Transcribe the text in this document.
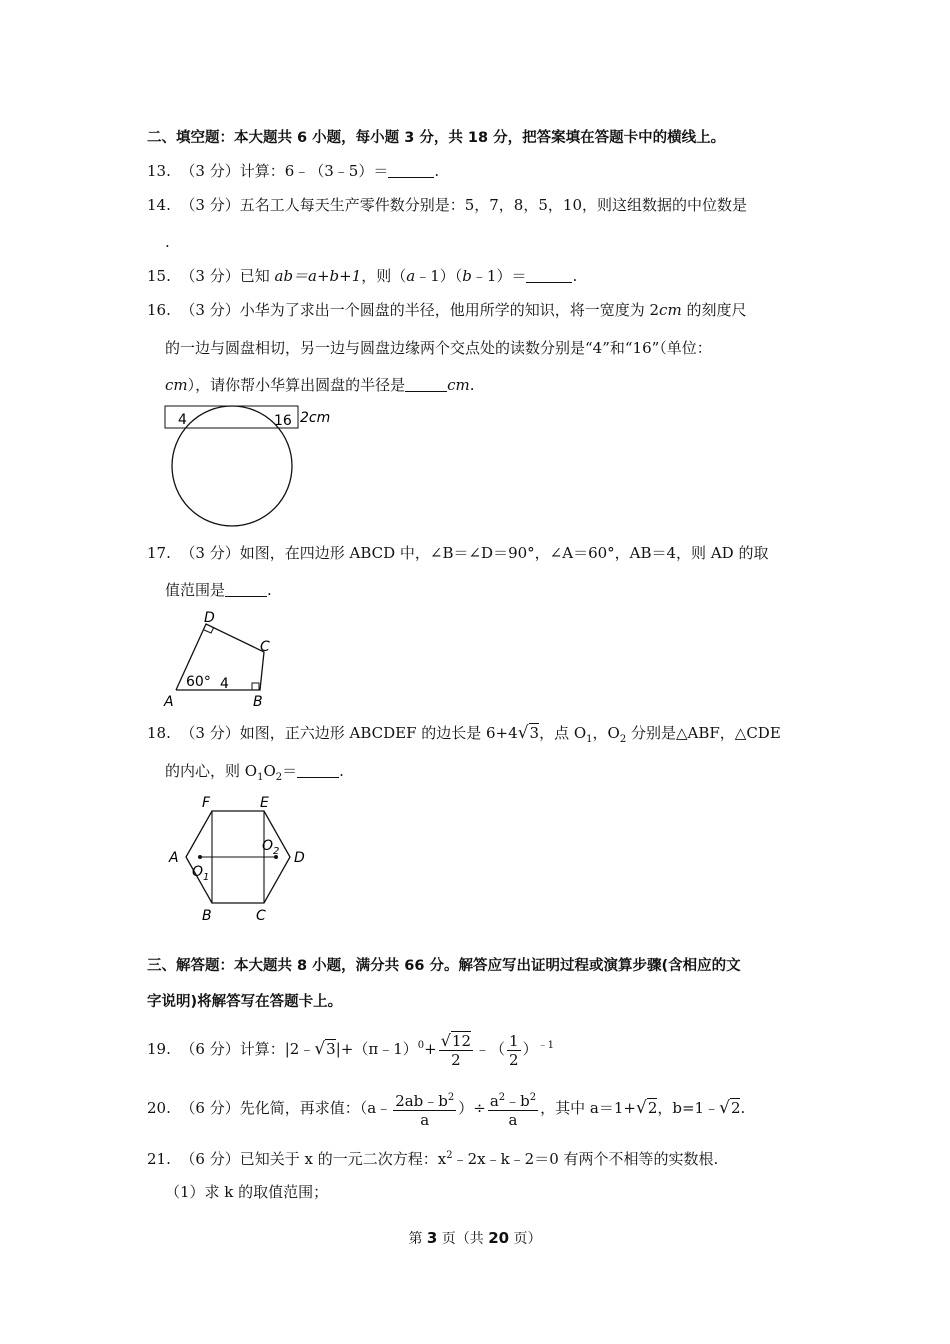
二、填空题：本大题共 6 小题，每小题 3 分，共 18 分，把答案填在答题卡中的横线上。
13. （3 分）计算：6﹣（3﹣5）＝	.
14. （3 分）五名工人每天生产零件数分别是：5，7，8，5，10，则这组数据的中位数是
.
15. （3 分）已知 ab＝a+b+1，则（a﹣1）（b﹣1）＝	.
16. （3 分）小华为了求出一个圆盘的半径，他用所学的知识，将一宽度为 2cm 的刻度尺
的一边与圆盘相切，另一边与圆盘边缘两个交点处的读数分别是“4”和“16”（单位：
cm），请你帮小华算出圆盘的半径是	cm.
4	16 2cm
17. （3 分）如图，在四边形 ABCD 中，∠B＝∠D＝90°，∠A＝60°，AB＝4，则 AD 的取
值范围是	.
D
C
A	B
60° 4
18. （3 分）如图，正六边形 ABCDEF 的边长是 6+4√3，点 $O_1$，$O_2$ 分别是△ABF，△CDE
的内心，则 $O_1O_2=$	.
F	E
A	D
B	C
$O_1$
$O_2$
三、解答题：本大题共 8 小题，满分共 66 分。解答应写出证明过程或演算步骤(含相应的文
字说明)将解答写在答题卡上。
19. （6 分）计算：|2﹣√3|+（π﹣1）$^0$+ $\frac{√12}{2}$ ﹣（ $\frac{1}{2} )^{﹣1}$
20. （6 分）先化简，再求值：（a﹣ $\frac{2ab﹣b^2}{a}$ ）÷ $\frac{a^2﹣b^2}{a}$ ，其中 a＝1+√2，b=1﹣√2.
21. （6 分）已知关于 x 的一元二次方程：$x^2﹣2x﹣k﹣2=0$ 有两个不相等的实数根.
（1）求 k 的取值范围；
第 3 页（共 20 页）
